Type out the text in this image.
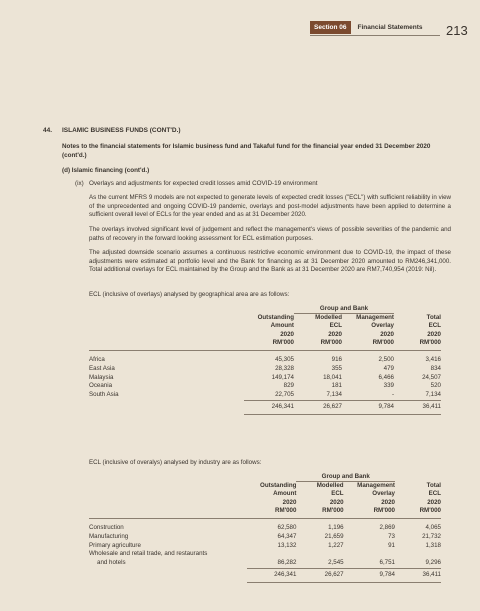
Section 06	Financial Statements 213
44. ISLAMIC BUSINESS FUNDS (CONT'D.)
Notes to the financial statements for Islamic business fund and Takaful fund for the financial year ended 31 December 2020 (cont'd.)
(d) Islamic financing (cont'd.)
(ix) Overlays and adjustments for expected credit losses amid COVID-19 environment

As the current MFRS 9 models are not expected to generate levels of expected credit losses ("ECL") with sufficient reliability in view of the unprecedented and ongoing COVID-19 pandemic, overlays and post-model adjustments have been applied to determine a sufficient overall level of ECLs for the year ended and as at 31 December 2020.

The overlays involved significant level of judgement and reflect the management's views of possible severities of the pandemic and paths of recovery in the forward looking assessment for ECL estimation purposes.

The adjusted downside scenario assumes a continuous restrictive economic environment due to COVID-19, the impact of these adjustments were estimated at portfolio level and the Bank for financing as at 31 December 2020 amounted to RM246,341,000. Total additional overlays for ECL maintained by the Group and the Bank as at 31 December 2020 are RM7,740,954 (2019: Nil).

ECL (inclusive of overlays) analysed by geographical area are as follows:

		Group and Bank		
	Outstanding	Modelled	Management	Total
	Amount	ECL	Overlay	ECL
	2020	2020	2020	2020
	RM'000	RM'000	RM'000	RM'000
Africa	45,305	916	2,500	3,416
East Asia	28,328	355	479	834
Malaysia	149,174	18,041	6,466	24,507
Oceania	829	181	339	520
South Asia	22,705	7,134	-	7,134
	246,341	26,627	9,784	36,411

ECL (inclusive of overalys) analysed by industry are as follows:

		Group and Bank		
	Outstanding	Modelled	Management	Total
	Amount	ECL	Overlay	ECL
	2020	2020	2020	2020
	RM'000	RM'000	RM'000	RM'000
Construction	62,580	1,196	2,869	4,065
Manufacturing	64,347	21,659	73	21,732
Primary agriculture	13,132	1,227	91	1,318
Wholesale and retail trade, and restaurants				
and hotels	86,282	2,545	6,751	9,296
	246,341	26,627	9,784	36,411
